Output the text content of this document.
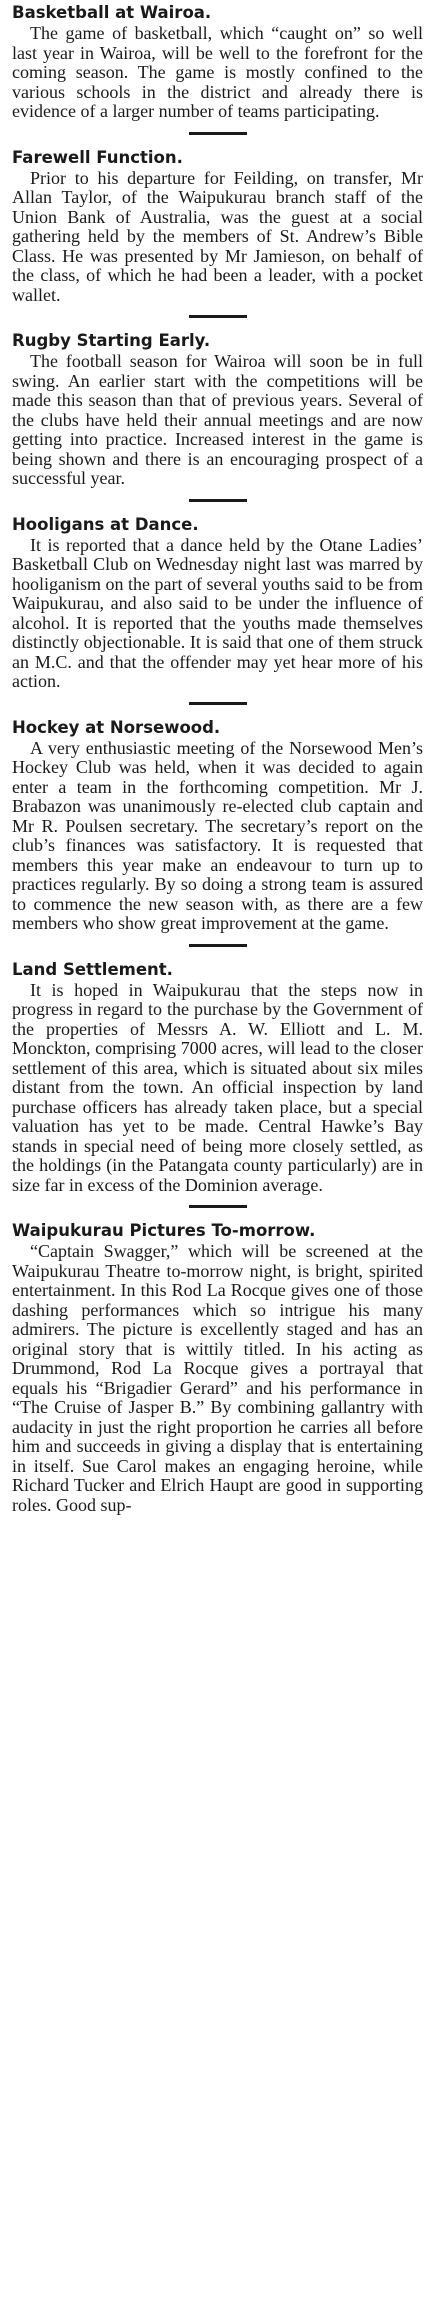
Basketball at Wairoa.

The game of basketball, which “caught on” so well last year in Wairoa, will be well to the forefront for the coming season. The game is mostly confined to the various schools in the district and already there is evidence of a larger number of teams participating.

Farewell Function.

Prior to his departure for Feilding, on transfer, Mr Allan Taylor, of the Waipukurau branch staff of the Union Bank of Australia, was the guest at a social gathering held by the members of St. Andrew’s Bible Class. He was presented by Mr Jamieson, on behalf of the class, of which he had been a leader, with a pocket wallet.

Rugby Starting Early.

The football season for Wairoa will soon be in full swing. An earlier start with the competitions will be made this season than that of previous years. Several of the clubs have held their annual meetings and are now getting into practice. Increased interest in the game is being shown and there is an encouraging prospect of a successful year.

Hooligans at Dance.

It is reported that a dance held by the Otane Ladies’ Basketball Club on Wednesday night last was marred by hooliganism on the part of several youths said to be from Waipukurau, and also said to be under the influence of alcohol. It is reported that the youths made themselves distinctly objectionable. It is said that one of them struck an M.C. and that the offender may yet hear more of his action.

Hockey at Norsewood.

A very enthusiastic meeting of the Norsewood Men’s Hockey Club was held, when it was decided to again enter a team in the forthcoming competition. Mr J. Brabazon was unanimously re-elected club captain and Mr R. Poulsen secretary. The secretary’s report on the club’s finances was satisfactory. It is requested that members this year make an endeavour to turn up to practices regularly. By so doing a strong team is assured to commence the new season with, as there are a few members who show great improvement at the game.

Land Settlement.

It is hoped in Waipukurau that the steps now in progress in regard to the purchase by the Government of the properties of Messrs A. W. Elliott and L. M. Monckton, comprising 7000 acres, will lead to the closer settlement of this area, which is situated about six miles distant from the town. An official inspection by land purchase officers has already taken place, but a special valuation has yet to be made. Central Hawke’s Bay stands in special need of being more closely settled, as the holdings (in the Patangata county particularly) are in size far in excess of the Dominion average.

Waipukurau Pictures To-morrow.

“Captain Swagger,” which will be screened at the Waipukurau Theatre to-morrow night, is bright, spirited entertainment. In this Rod La Rocque gives one of those dashing performances which so intrigue his many admirers. The picture is excellently staged and has an original story that is wittily titled. In his acting as Drummond, Rod La Rocque gives a portrayal that equals his “Brigadier Gerard” and his performance in “The Cruise of Jasper B.” By combining gallantry with audacity in just the right proportion he carries all before him and succeeds in giving a display that is entertaining in itself. Sue Carol makes an engaging heroine, while Richard Tucker and Elrich Haupt are good in supporting roles. Good sup-
